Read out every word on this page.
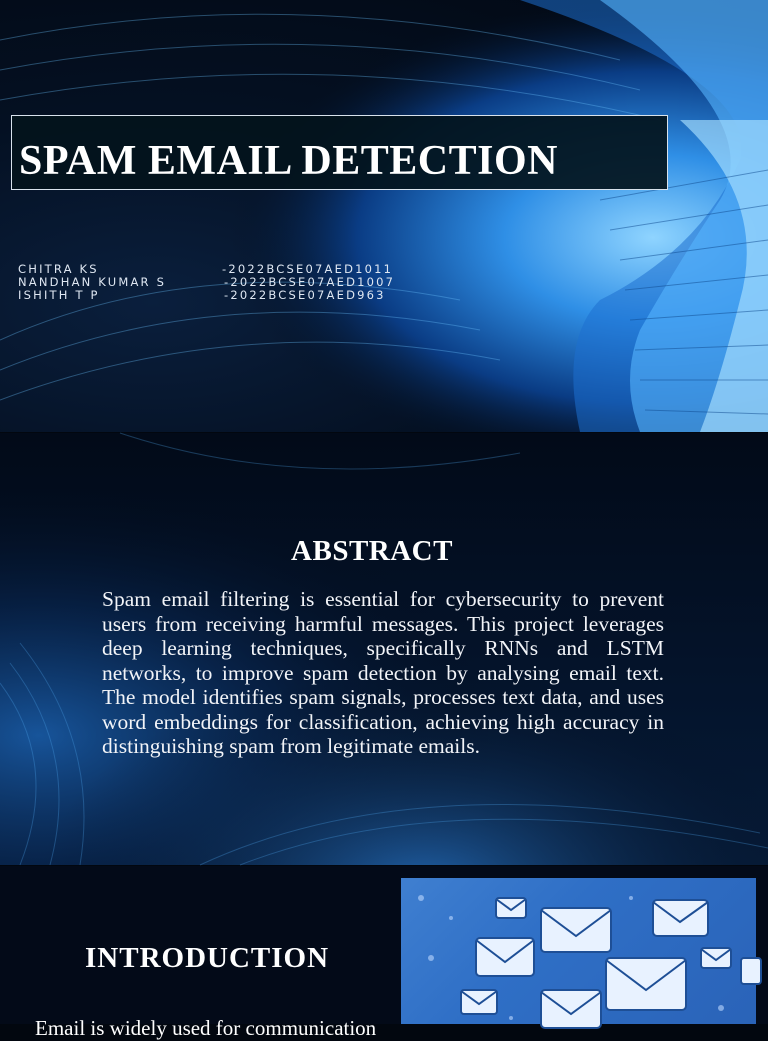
SPAM EMAIL DETECTION
CHITRA KS	-2022BCSE07AED1011
NANDHAN KUMAR S	-2022BCSE07AED1007
ISHITH T P	-2022BCSE07AED963
ABSTRACT
Spam email filtering is essential for cybersecurity to prevent users from receiving harmful messages. This project leverages deep learning techniques, specifically RNNs and LSTM networks, to improve spam detection by analysing email text. The model identifies spam signals, processes text data, and uses word embeddings for classification, achieving high accuracy in distinguishing spam from legitimate emails.
INTRODUCTION
Email is widely used for communication
